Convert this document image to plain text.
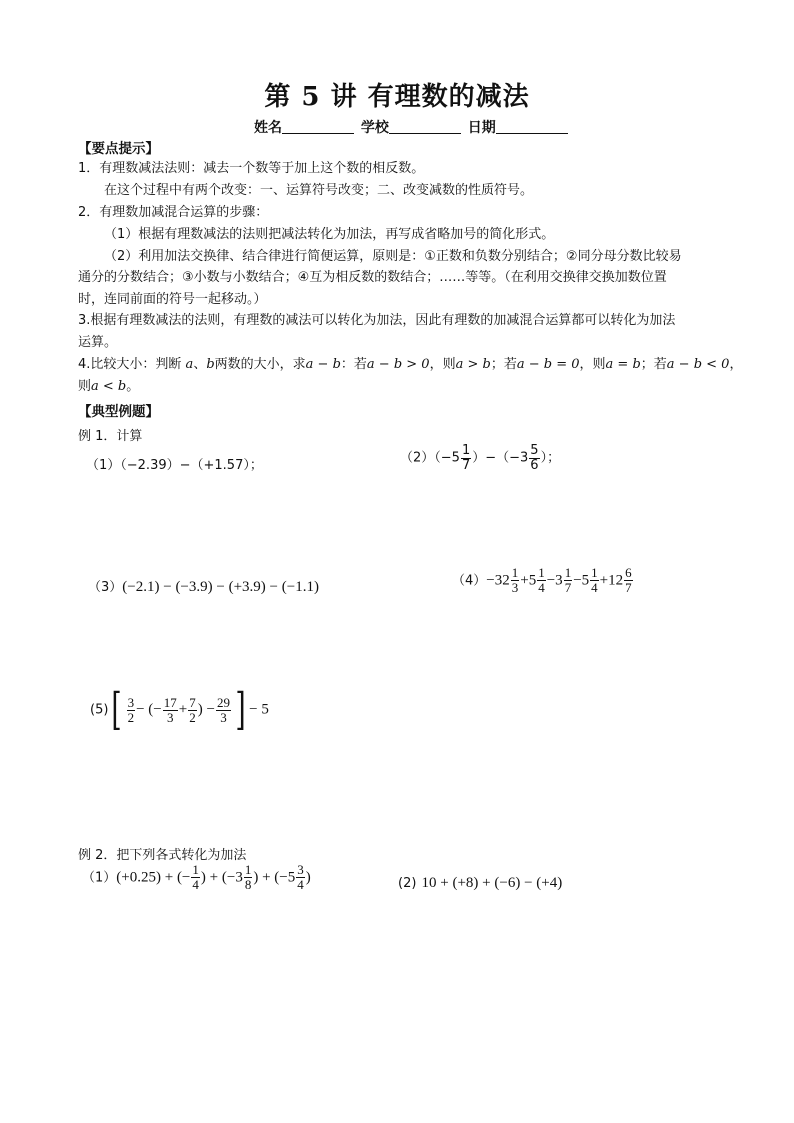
第 5 讲 有理数的减法
姓名	学校	日期
【要点提示】
1．有理数减法法则：减去一个数等于加上这个数的相反数。
在这个过程中有两个改变：一、运算符号改变；二、改变减数的性质符号。
2．有理数加减混合运算的步骤：
（1）根据有理数减法的法则把减法转化为加法，再写成省略加号的简化形式。
（2）利用加法交换律、结合律进行简便运算，原则是：①正数和负数分别结合；②同分母分数比较易
通分的分数结合；③小数与小数结合；④互为相反数的数结合；……等等。（在利用交换律交换加数位置
时，连同前面的符号一起移动。）
3.根据有理数减法的法则，有理数的减法可以转化为加法，因此有理数的加减混合运算都可以转化为加法
运算。
4.比较大小：判断 a、b两数的大小，求a − b：若a − b > 0，则a > b；若a − b = 0，则a = b；若a − b < 0，
则a < b。
【典型例题】
例 1．计算
（1）（−2.39）−（+1.57）；	$(2)(-5 \frac{1}{7} )-(-3 \frac{5}{6}$ ）；
（3）(−2.1) − (−3.9) − (+3.9) − (−1.1)	$(4)-32 \frac{1}{3} +5 \frac{1}{4} -3 \frac{1}{7} -5 \frac{1}{4} +12 \frac{6}{7}$
$(5)[ \frac{3}{2}$ − (− $\frac{17}{3} + \frac{7}{2}$ ) − $\frac{29}{3}$ ] − 5
例 2．把下列各式转化为加法
（1）(+0.25) + (− $\frac{1}{4}$ ) + ($-3 \frac{1}{8}$ ) + ($-5 \frac{3}{4}$ )	(2) 10 + (+8) + (−6) − (+4)
